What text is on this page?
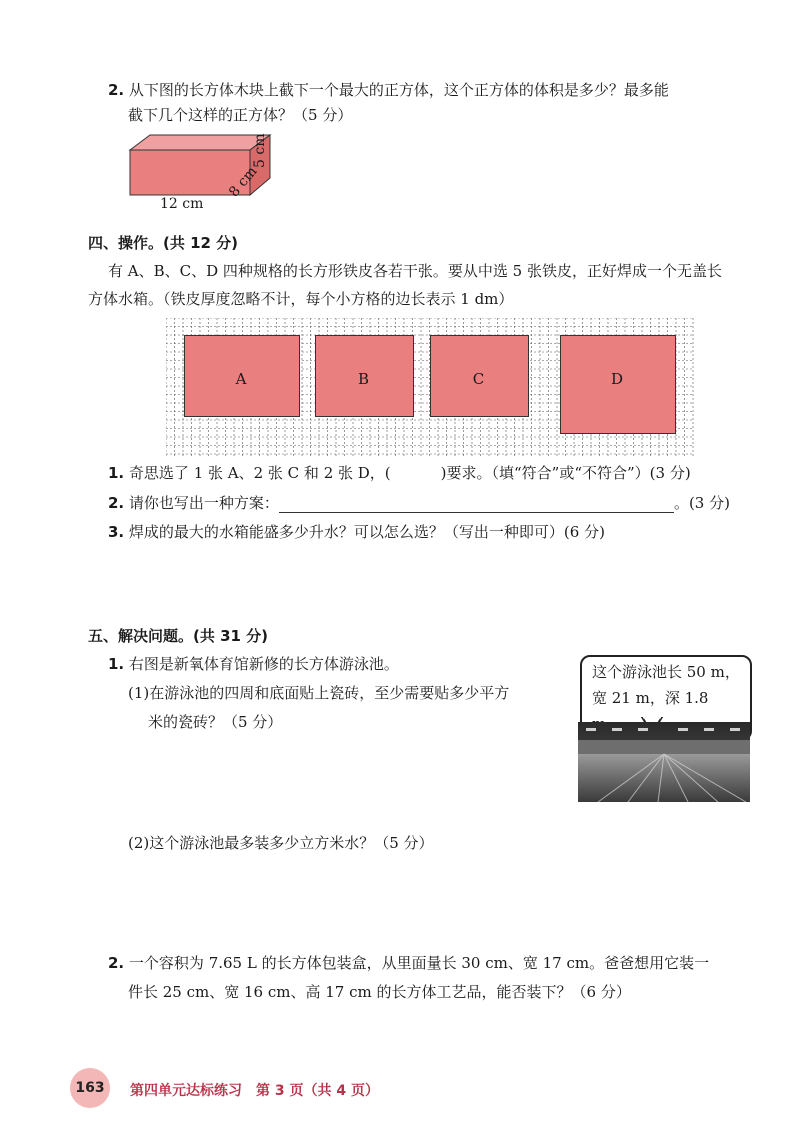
2. 从下图的长方体木块上截下一个最大的正方体，这个正方体的体积是多少？最多能
截下几个这样的正方体？（5 分）
12 cm
8 cm
5 cm
四、操作。(共 12 分)
有 A、B、C、D 四种规格的长方形铁皮各若干张。要从中选 5 张铁皮，正好焊成一个无盖长
方体水箱。（铁皮厚度忽略不计，每个小方格的边长表示 1 dm）
A	B	C	D
1. 奇思选了 1 张 A、2 张 C 和 2 张 D，(	)要求。（填“符合”或“不符合”）(3 分)
2. 请你也写出一种方案：	。(3 分)
3. 焊成的最大的水箱能盛多少升水？可以怎么选？（写出一种即可）(6 分)
五、解决问题。(共 31 分)
1. 右图是新氧体育馆新修的长方体游泳池。
(1)在游泳池的四周和底面贴上瓷砖，至少需要贴多少平方
米的瓷砖？（5 分）
这个游泳池长 50 m，
宽 21 m，深 1.8
(2)这个游泳池最多装多少立方米水？（5 分）
2. 一个容积为 7.65 L 的长方体包装盒，从里面量长 30 cm、宽 17 cm。爸爸想用它装一
件长 25 cm、宽 16 cm、高 17 cm 的长方体工艺品，能否装下？（6 分）
163 第四单元达标练习　第 3 页（共 4 页）
